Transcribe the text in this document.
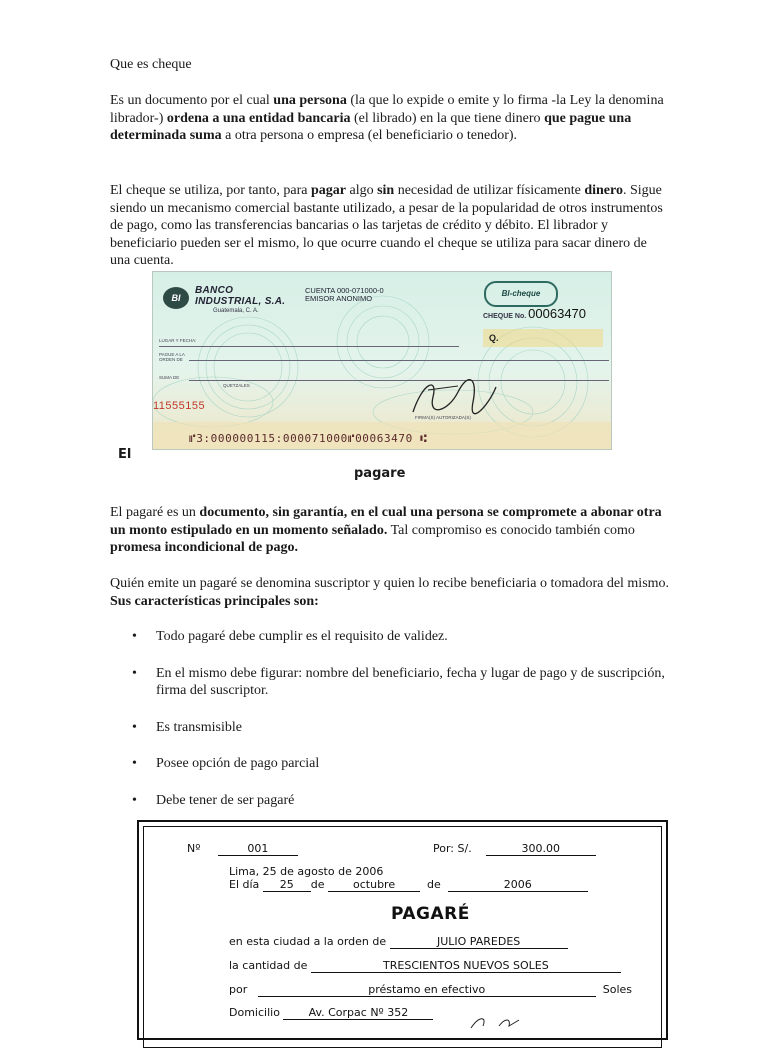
Que es cheque

Es un documento por el cual una persona (la que lo expide o emite y lo firma -la Ley la denomina librador-) ordena a una entidad bancaria (el librado) en la que tiene dinero que pague una determinada suma a otra persona o empresa (el beneficiario o tenedor).

El cheque se utiliza, por tanto, para pagar algo sin necesidad de utilizar físicamente dinero. Sigue siendo un mecanismo comercial bastante utilizado, a pesar de la popularidad de otros instrumentos de pago, como las transferencias bancarias o las tarjetas de crédito y débito. El librador y beneficiario pueden ser el mismo, lo que ocurre cuando el cheque se utiliza para sacar dinero de una cuenta.

BI
BANCO
INDUSTRIAL, S.A.
Guatemala, C. A.
CUENTA 000-071000-0
EMISOR ANONIMO
BI-cheque
CHEQUE No. 00063470
Q.
LUGAR Y FECHA:
PAGUE A LA ORDEN DE
SUMA DE
QUETZALES
11555155
FIRMA(S) AUTORIZADA(S)
⑈3:000000115:000071000⑈00063470 ⑆
El
pagare

El pagaré es un documento, sin garantía, en el cual una persona se compromete a abonar otra un monto estipulado en un momento señalado. Tal compromiso es conocido también como promesa incondicional de pago.

Quién emite un pagaré se denomina suscriptor y quien lo recibe beneficiaria o tomadora del mismo. Sus características principales son:

• Todo pagaré debe cumplir es el requisito de validez.
• En el mismo debe figurar: nombre del beneficiario, fecha y lugar de pago y de suscripción, firma del suscriptor.
• Es transmisible
• Posee opción de pago parcial
• Debe tener de ser pagaré
Nº	001	Por: S/.	300.00
Lima, 25 de agosto de 2006
El día 25 de	octubre	de	2006
PAGARÉ
en esta ciudad a la orden de	JULIO PAREDES
la cantidad de	TRESCIENTOS NUEVOS SOLES
por	préstamo en efectivo	Soles
Domicilio	Av. Corpac Nº 352
